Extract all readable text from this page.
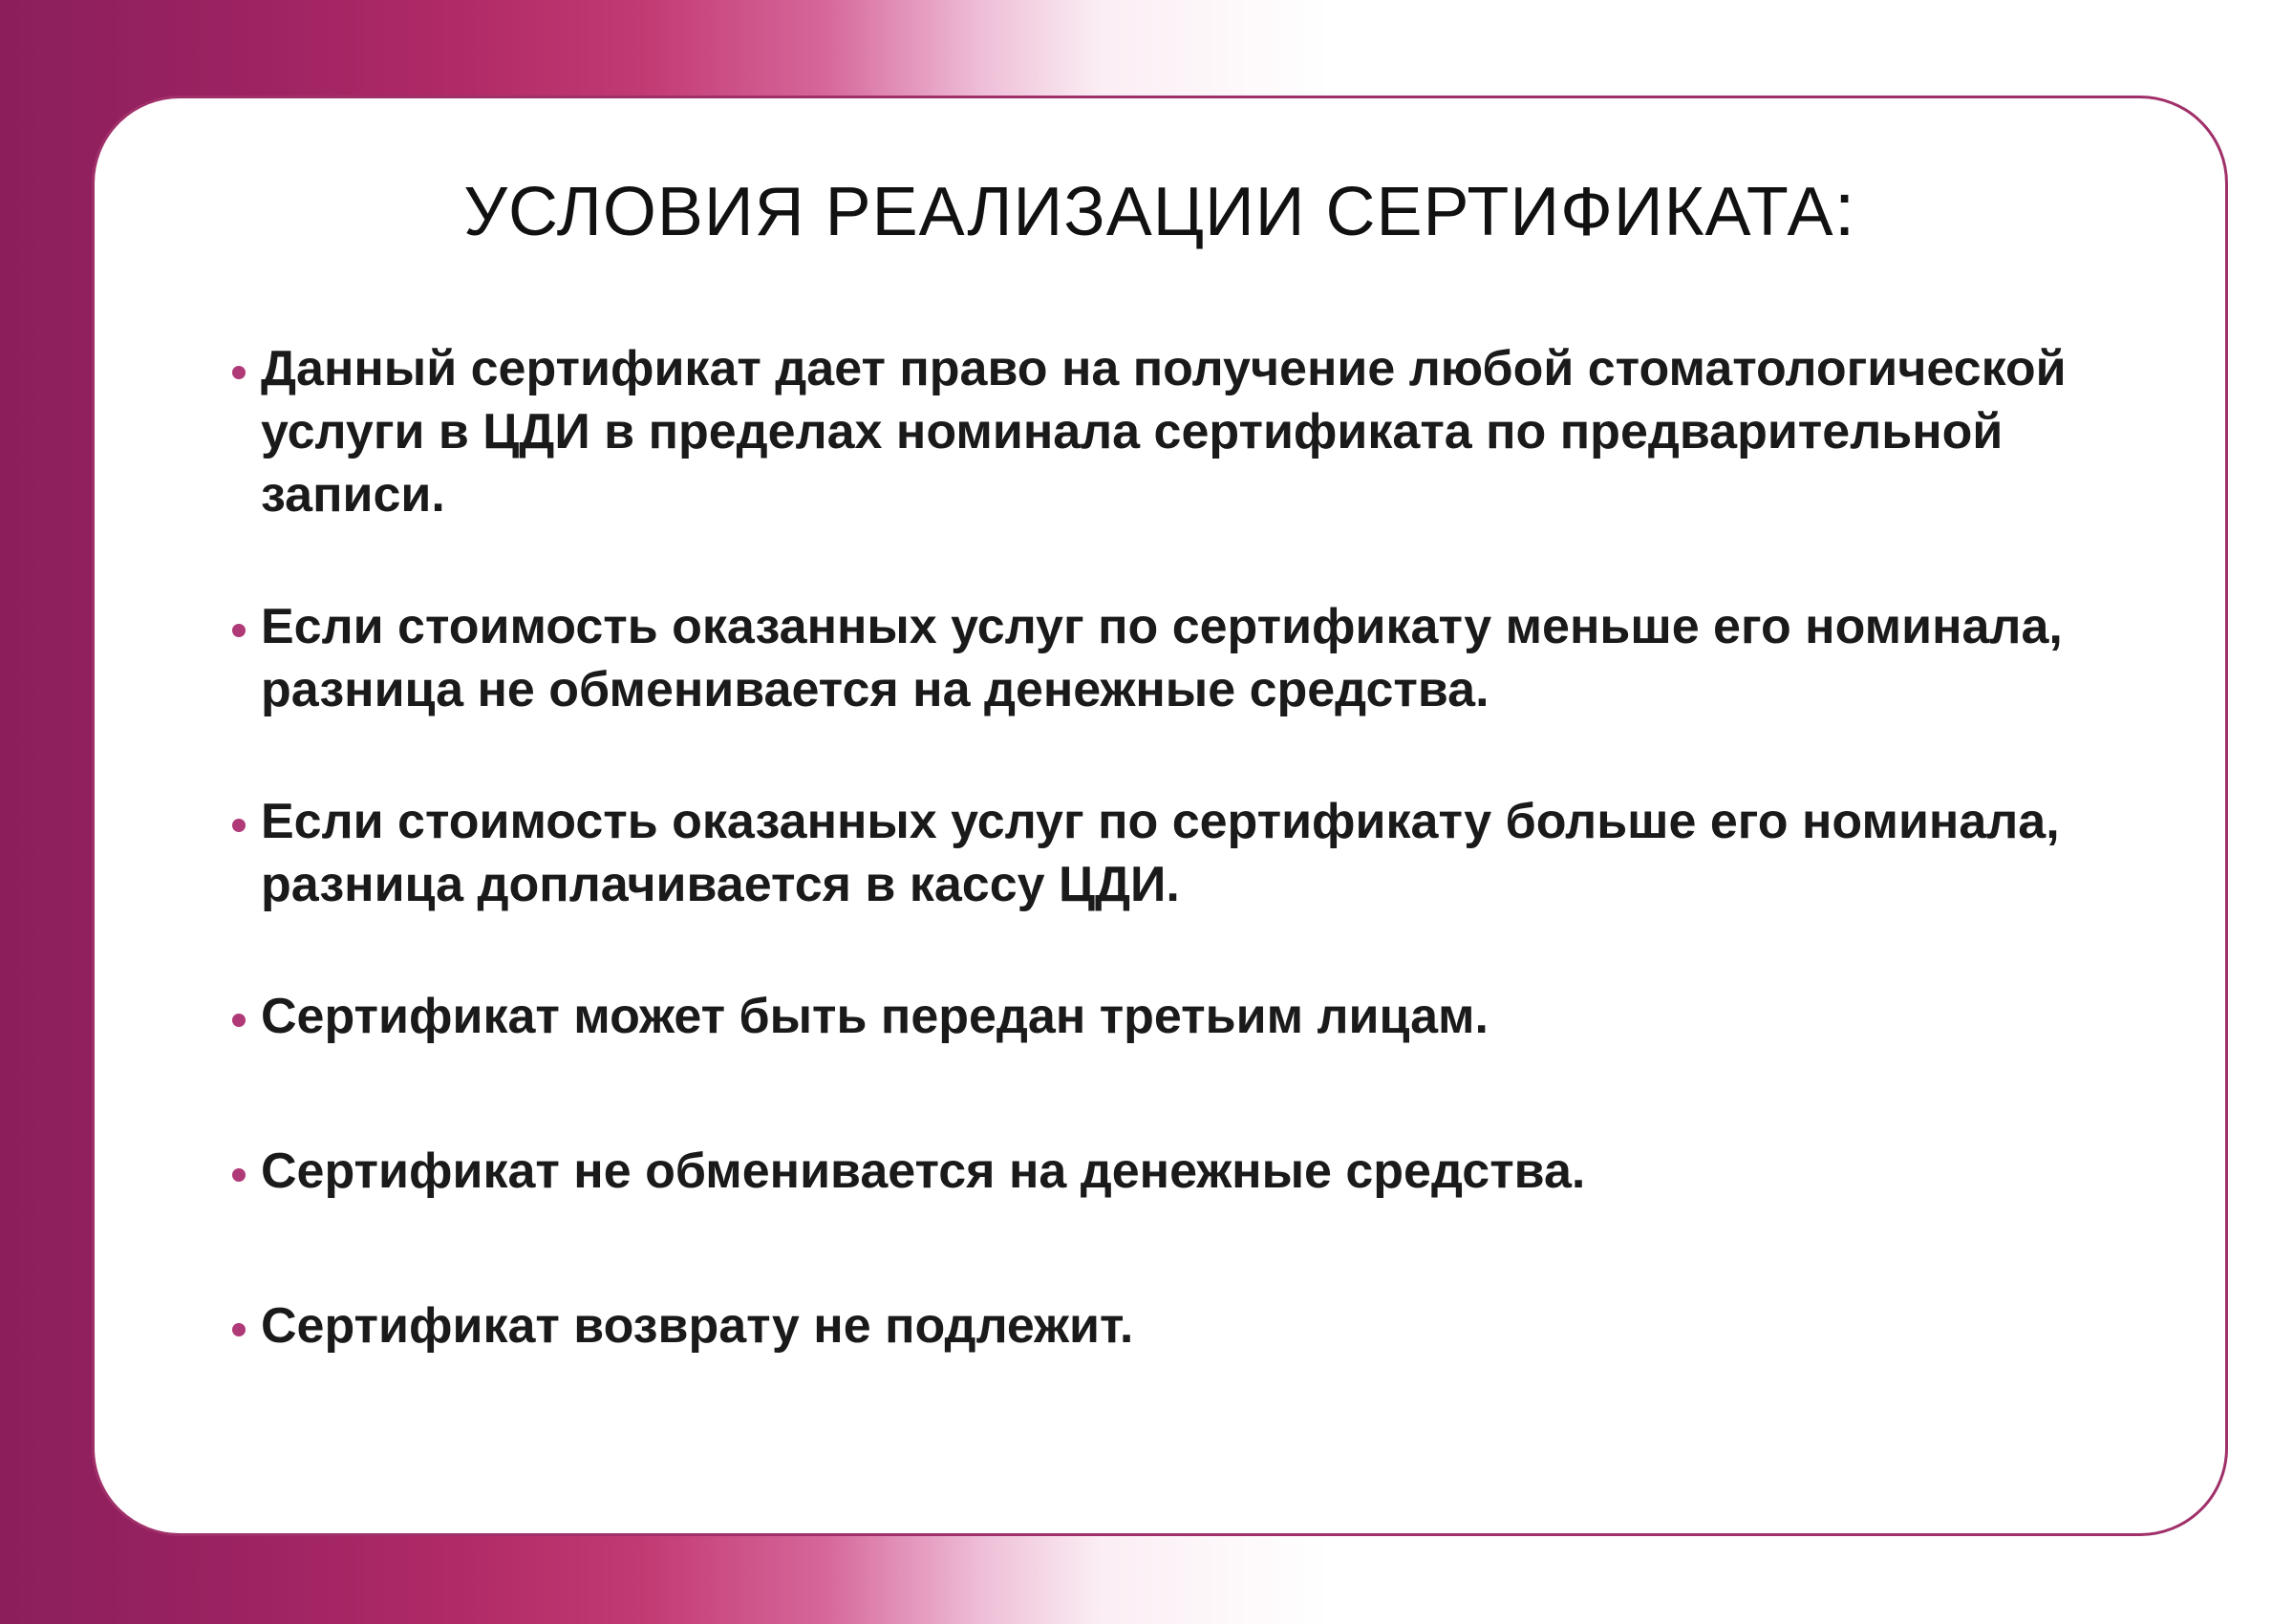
УСЛОВИЯ РЕАЛИЗАЦИИ СЕРТИФИКАТА:
Данный сертификат дает право на получение любой стоматологической услуги в ЦДИ в пределах номинала сертификата по предварительной записи.
Если стоимость оказанных услуг по сертификату меньше его номинала, разница не обменивается на денежные средства.
Если стоимость оказанных услуг по сертификату больше его номинала, разница доплачивается в кассу ЦДИ.
Сертификат может быть передан третьим лицам.
Сертификат не обменивается на денежные средства.
Сертификат возврату не подлежит.
